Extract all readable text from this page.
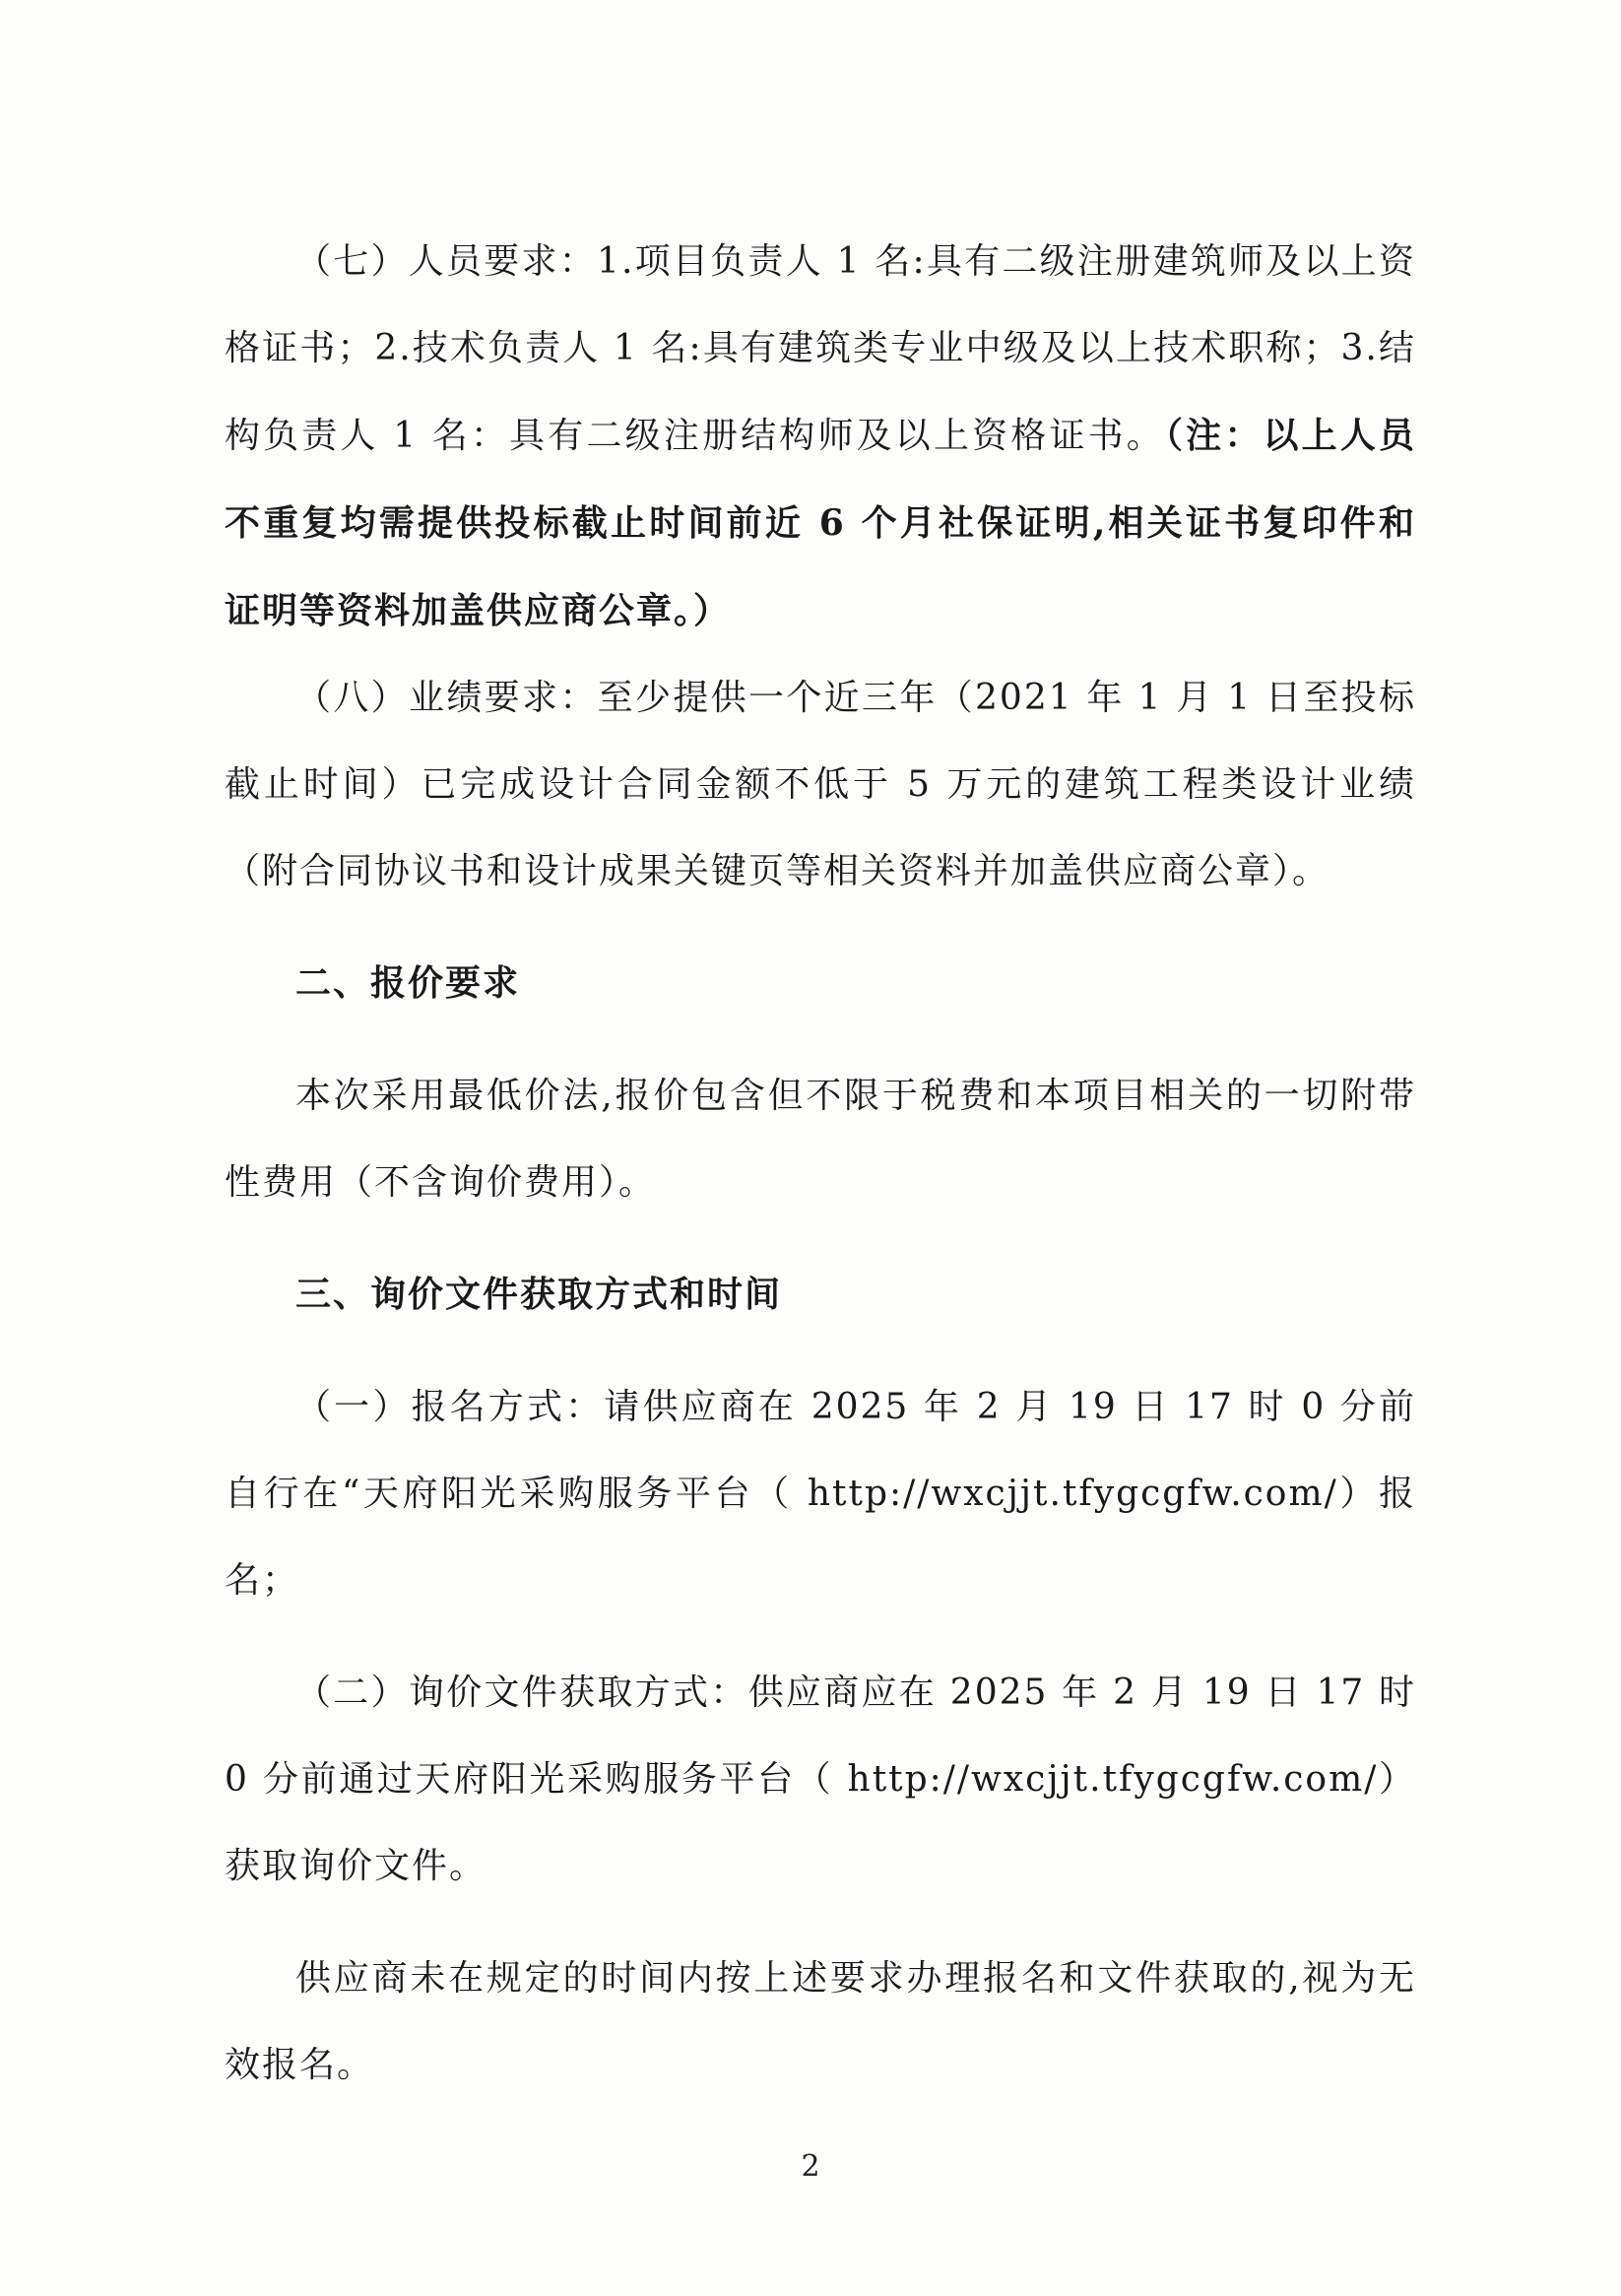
（七）人员要求：1.项目负责人 1 名:具有二级注册建筑师及以上资格证书；2.技术负责人 1 名:具有建筑类专业中级及以上技术职称；3.结构负责人 1 名：具有二级注册结构师及以上资格证书。（注：以上人员不重复均需提供投标截止时间前近 6 个月社保证明,相关证书复印件和证明等资料加盖供应商公章。）

（八）业绩要求：至少提供一个近三年（2021 年 1 月 1 日至投标截止时间）已完成设计合同金额不低于 5 万元的建筑工程类设计业绩（附合同协议书和设计成果关键页等相关资料并加盖供应商公章）。

二、报价要求

本次采用最低价法,报价包含但不限于税费和本项目相关的一切附带性费用（不含询价费用）。

三、询价文件获取方式和时间

（一）报名方式：请供应商在 2025 年 2 月 19 日 17 时 0 分前自行在“天府阳光采购服务平台（ http://wxcjjt.tfygcgfw.com/）报名；

（二）询价文件获取方式：供应商应在 2025 年 2 月 19 日 17 时 0 分前通过天府阳光采购服务平台（ http://wxcjjt.tfygcgfw.com/）获取询价文件。

供应商未在规定的时间内按上述要求办理报名和文件获取的,视为无效报名。

2
